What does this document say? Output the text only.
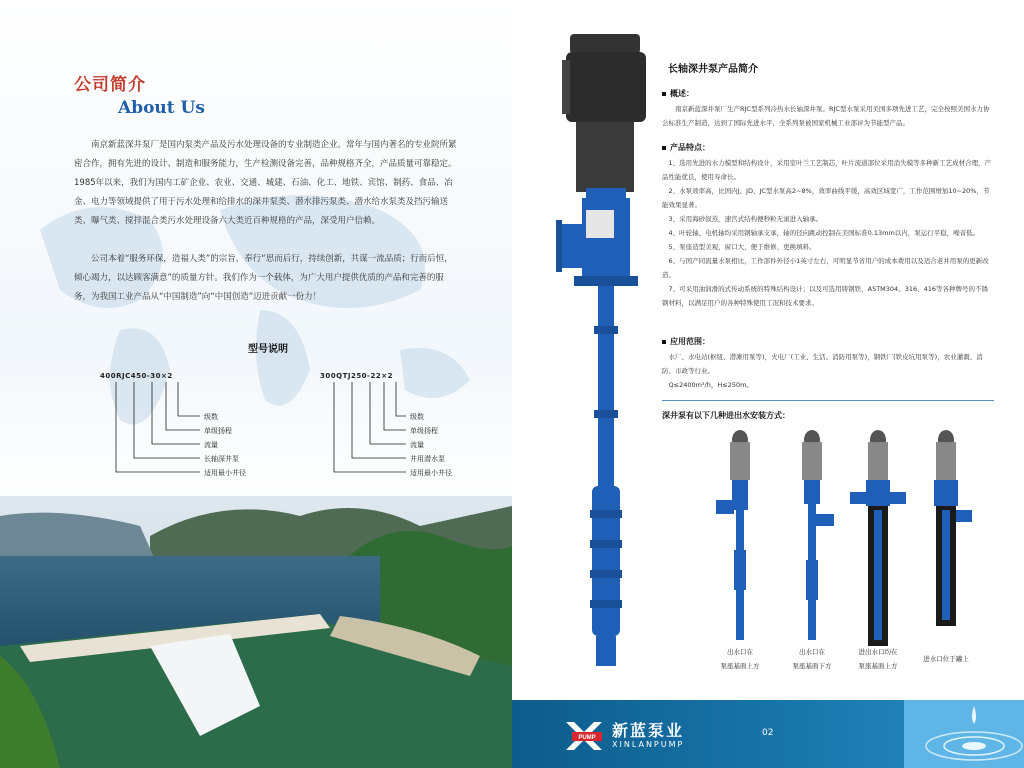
公司简介
About Us

南京新蓝深井泵厂是国内泵类产品及污水处理设备的专业制造企业。常年与国内著名的专业院所紧密合作，拥有先进的设计、制造和服务能力，生产检测设备完善，品种规格齐全，产品质量可靠稳定。1985年以来，我们为国内工矿企业、农业、交通、城建、石油、化工、地铁、宾馆、制药、食品、冶金、电力等领域提供了用于污水处理和给排水的深井泵类、潜水排污泵类、潜水给水泵类及挡污输送类、曝气类、搅拌混合类污水处理设备六大类近百种规格的产品，深受用户信赖。

公司本着“服务环保，造福人类”的宗旨，奉行“思而后行，持续创新，共谋一流品质；行而后恒，倾心竭力，以达顾客满意”的质量方针。我们作为一个载体，为广大用户提供优质的产品和完善的服务，为我国工业产品从“中国制造”向“中国创造”迈进贡献一份力！

型号说明
400RJC450-30×2
级数
单级扬程
流量
长轴深井泵
适用最小井径
300QTJ250-22×2
级数
单级扬程
流量
井用潜水泵
适用最小井径
长轴深井泵产品简介
概述：

南京新蓝深井泵厂生产RJC型系列冷热水长轴深井泵。RJC型水泵采用美国多项先进工艺，完全按照美国水力协会标准生产制造，达到了国际先进水平，全系列泵被国家机械工业部评为节能型产品。

产品特点：
1、选用先进的水力模型和结构设计，采用室叶兰工艺制芯，叶片流道部位采用消失模等多种新工艺成材合理，产品性能优良，使用寿命长。
2、水泵效率高，比国内J、JD、JC型水泵高2~8%，效率曲线平缓，高效区域宽广，工作范围增加10~20%，节能效果显著。
3、采用海砂叙蒸，速宫式结构便秒粒无滚进入轴承。
4、叶轮轴、电机轴均采用钢轴承支承，轴的径向跳动控制在美国标准0.13mm以内，泵运行平稳，噪音低。
5、泵座造型美观，窗口大，便于维修、更换填料。
6、与国产同流量水泵相比，工作部件外径小1英寸左右，可明显节省用户的成本费用以及适合老井用泵的更新改造。
7、可采用油润滑的式传动系统的特殊结构设计；以及可选用铸钢铁，ASTM304、316、416等各种牌号的不锈钢材料，以满足用户的各种特殊使用工况和技术要求。
应用范围：
水厂、水电站(枢纽、潜滩用泵等)，火电厂(工业、生活、消防用泵等)，钢铁厂(铁皮坑用泵等)，农业灌溉、消防、市政等行业。
Q≤2400m³/h，H≤250m。
深井泵有以下几种进出水安装方式：
出水口在
泵座基面上方
出水口在
泵座基面下方
进出水口均在
泵座基面上方
进水口位于罐上
PUMP 新蓝泵业
XINLANPUMP
02
